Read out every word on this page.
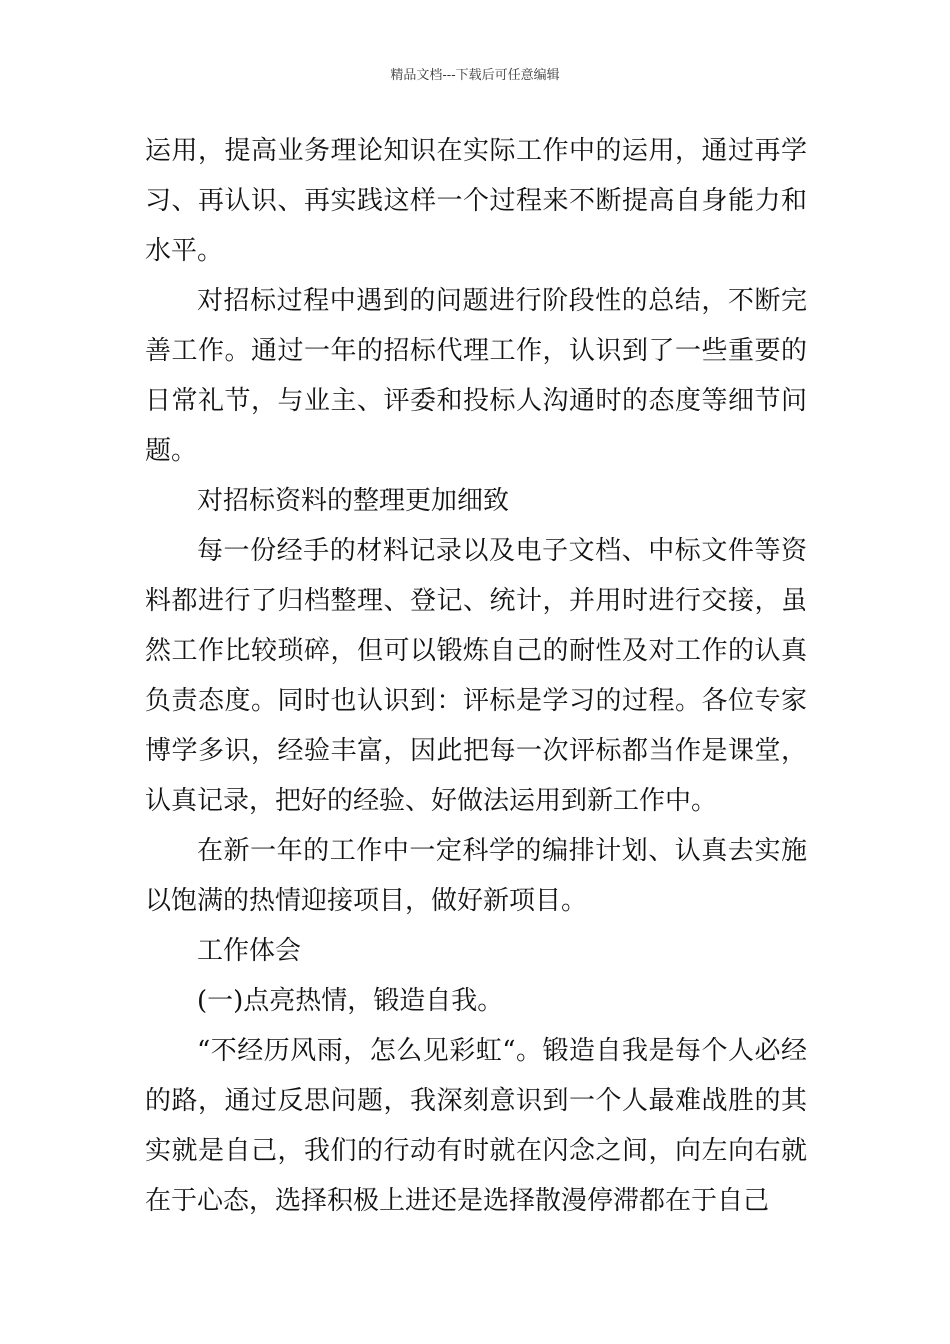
精品文档---下载后可任意编辑

运用，提高业务理论知识在实际工作中的运用，通过再学习、再认识、再实践这样一个过程来不断提高自身能力和水平。

对招标过程中遇到的问题进行阶段性的总结，不断完善工作。通过一年的招标代理工作，认识到了一些重要的日常礼节，与业主、评委和投标人沟通时的态度等细节问题。

对招标资料的整理更加细致

每一份经手的材料记录以及电子文档、中标文件等资料都进行了归档整理、登记、统计，并用时进行交接，虽然工作比较琐碎，但可以锻炼自己的耐性及对工作的认真负责态度。同时也认识到：评标是学习的过程。各位专家博学多识，经验丰富，因此把每一次评标都当作是课堂，认真记录，把好的经验、好做法运用到新工作中。

在新一年的工作中一定科学的编排计划、认真去实施以饱满的热情迎接项目，做好新项目。

工作体会

(一)点亮热情，锻造自我。

“不经历风雨，怎么见彩虹“。锻造自我是每个人必经的路，通过反思问题，我深刻意识到一个人最难战胜的其实就是自己，我们的行动有时就在闪念之间，向左向右就在于心态，选择积极上进还是选择散漫停滞都在于自己
